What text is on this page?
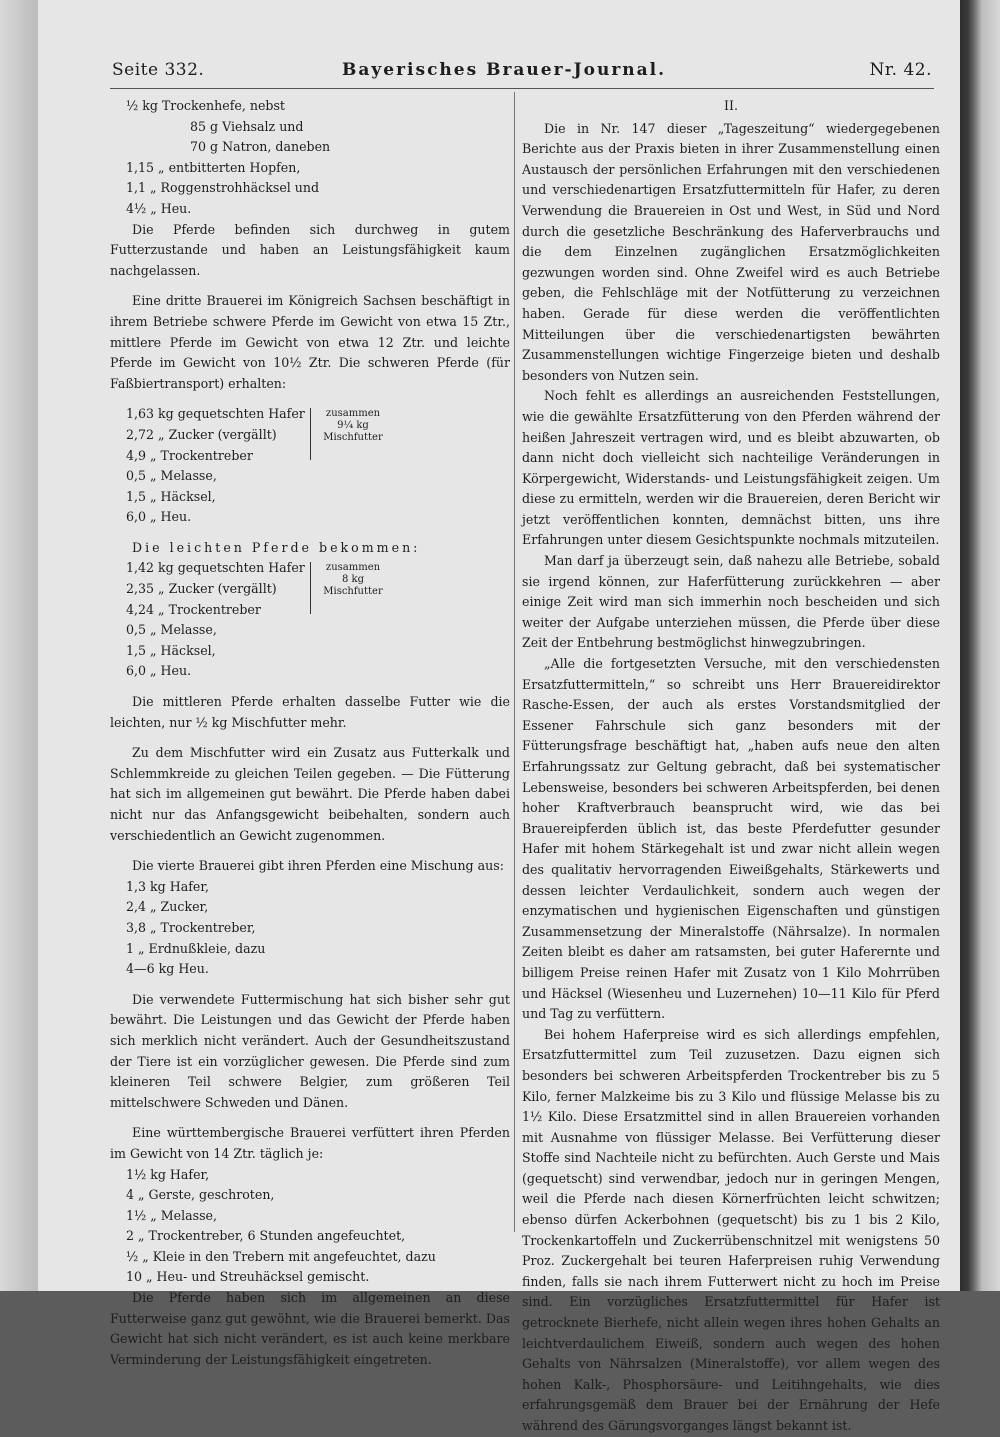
Seite 332.	Bayerisches Brauer-Journal.	Nr. 42.
½ kg Trockenhefe, nebst
85 g Viehsalz und
70 g Natron, daneben
1,15 „ entbitterten Hopfen,
1,1 „ Roggenstrohhäcksel und
4½ „ Heu.

Die Pferde befinden sich durchweg in gutem Futterzustande und haben an Leistungsfähigkeit kaum nachgelassen.

Eine dritte Brauerei im Königreich Sachsen beschäftigt in ihrem Betriebe schwere Pferde im Gewicht von etwa 15 Ztr., mittlere Pferde im Gewicht von etwa 12 Ztr. und leichte Pferde im Gewicht von 10½ Ztr. Die schweren Pferde (für Faßbiertransport) erhalten:

1,63 kg gequetschten Hafer
2,72 „ Zucker (vergällt)
4,9 „ Trockentreber
0,5 „ Melasse,
1,5 „ Häcksel,
6,0 „ Heu.
zusammen
9¼ kg
Mischfutter

Die leichten Pferde bekommen:

1,42 kg gequetschten Hafer
2,35 „ Zucker (vergällt)
4,24 „ Trockentreber
0,5 „ Melasse,
1,5 „ Häcksel,
6,0 „ Heu.
zusammen
8 kg
Mischfutter

Die mittleren Pferde erhalten dasselbe Futter wie die leichten, nur ½ kg Mischfutter mehr.

Zu dem Mischfutter wird ein Zusatz aus Futterkalk und Schlemmkreide zu gleichen Teilen gegeben. — Die Fütterung hat sich im allgemeinen gut bewährt. Die Pferde haben dabei nicht nur das Anfangsgewicht beibehalten, sondern auch verschiedentlich an Gewicht zugenommen.

Die vierte Brauerei gibt ihren Pferden eine Mischung aus:

1,3 kg Hafer,
2,4 „ Zucker,
3,8 „ Trockentreber,
1 „ Erdnußkleie, dazu
4—6 kg Heu.

Die verwendete Futtermischung hat sich bisher sehr gut bewährt. Die Leistungen und das Gewicht der Pferde haben sich merklich nicht verändert. Auch der Gesundheitszustand der Tiere ist ein vorzüglicher gewesen. Die Pferde sind zum kleineren Teil schwere Belgier, zum größeren Teil mittelschwere Schweden und Dänen.

Eine württembergische Brauerei verfüttert ihren Pferden im Gewicht von 14 Ztr. täglich je:

1½ kg Hafer,
4 „ Gerste, geschroten,
1½ „ Melasse,
2 „ Trockentreber, 6 Stunden angefeuchtet,
½ „ Kleie in den Trebern mit angefeuchtet, dazu
10 „ Heu- und Streuhäcksel gemischt.

Die Pferde haben sich im allgemeinen an diese Futterweise ganz gut gewöhnt, wie die Brauerei bemerkt. Das Gewicht hat sich nicht verändert, es ist auch keine merkbare Verminderung der Leistungsfähigkeit eingetreten.

II.

Die in Nr. 147 dieser „Tageszeitung“ wiedergegebenen Berichte aus der Praxis bieten in ihrer Zusammenstellung einen Austausch der persönlichen Erfahrungen mit den verschiedenen und verschiedenartigen Ersatzfuttermitteln für Hafer, zu deren Verwendung die Brauereien in Ost und West, in Süd und Nord durch die gesetzliche Beschränkung des Haferverbrauchs und die dem Einzelnen zugänglichen Ersatzmöglichkeiten gezwungen worden sind. Ohne Zweifel wird es auch Betriebe geben, die Fehlschläge mit der Notfütterung zu verzeichnen haben. Gerade für diese werden die veröffentlichten Mitteilungen über die verschiedenartigsten bewährten Zusammenstellungen wichtige Fingerzeige bieten und deshalb besonders von Nutzen sein.

Noch fehlt es allerdings an ausreichenden Feststellungen, wie die gewählte Ersatzfütterung von den Pferden während der heißen Jahreszeit vertragen wird, und es bleibt abzuwarten, ob dann nicht doch vielleicht sich nachteilige Veränderungen in Körpergewicht, Widerstands- und Leistungsfähigkeit zeigen. Um diese zu ermitteln, werden wir die Brauereien, deren Bericht wir jetzt veröffentlichen konnten, demnächst bitten, uns ihre Erfahrungen unter diesem Gesichtspunkte nochmals mitzuteilen.

Man darf ja überzeugt sein, daß nahezu alle Betriebe, sobald sie irgend können, zur Haferfütterung zurückkehren — aber einige Zeit wird man sich immerhin noch bescheiden und sich weiter der Aufgabe unterziehen müssen, die Pferde über diese Zeit der Entbehrung bestmöglichst hinwegzubringen.

„Alle die fortgesetzten Versuche, mit den verschiedensten Ersatzfuttermitteln,“ so schreibt uns Herr Brauereidirektor Rasche-Essen, der auch als erstes Vorstandsmitglied der Essener Fahrschule sich ganz besonders mit der Fütterungsfrage beschäftigt hat, „haben aufs neue den alten Erfahrungssatz zur Geltung gebracht, daß bei systematischer Lebensweise, besonders bei schweren Arbeitspferden, bei denen hoher Kraftverbrauch beansprucht wird, wie das bei Brauereipferden üblich ist, das beste Pferdefutter gesunder Hafer mit hohem Stärkegehalt ist und zwar nicht allein wegen des qualitativ hervorragenden Eiweißgehalts, Stärkewerts und dessen leichter Verdaulichkeit, sondern auch wegen der enzymatischen und hygienischen Eigenschaften und günstigen Zusammensetzung der Mineralstoffe (Nährsalze). In normalen Zeiten bleibt es daher am ratsamsten, bei guter Haferernte und billigem Preise reinen Hafer mit Zusatz von 1 Kilo Mohrrüben und Häcksel (Wiesenheu und Luzernehen) 10—11 Kilo für Pferd und Tag zu verfüttern.

Bei hohem Haferpreise wird es sich allerdings empfehlen, Ersatzfuttermittel zum Teil zuzusetzen. Dazu eignen sich besonders bei schweren Arbeitspferden Trockentreber bis zu 5 Kilo, ferner Malzkeime bis zu 3 Kilo und flüssige Melasse bis zu 1½ Kilo. Diese Ersatzmittel sind in allen Brauereien vorhanden mit Ausnahme von flüssiger Melasse. Bei Verfütterung dieser Stoffe sind Nachteile nicht zu befürchten. Auch Gerste und Mais (gequetscht) sind verwendbar, jedoch nur in geringen Mengen, weil die Pferde nach diesen Körnerfrüchten leicht schwitzen; ebenso dürfen Ackerbohnen (gequetscht) bis zu 1 bis 2 Kilo, Trockenkartoffeln und Zuckerrübenschnitzel mit wenigstens 50 Proz. Zuckergehalt bei teuren Haferpreisen ruhig Verwendung finden, falls sie nach ihrem Futterwert nicht zu hoch im Preise sind. Ein vorzügliches Ersatzfuttermittel für Hafer ist getrocknete Bierhefe, nicht allein wegen ihres hohen Gehalts an leichtverdaulichem Eiweiß, sondern auch wegen des hohen Gehalts von Nährsalzen (Mineralstoffe), vor allem wegen des hohen Kalk-, Phosphorsäure- und Leitihngehalts, wie dies erfahrungsgemäß dem Brauer bei der Ernährung der Hefe während des Gärungsvorganges längst bekannt ist.
